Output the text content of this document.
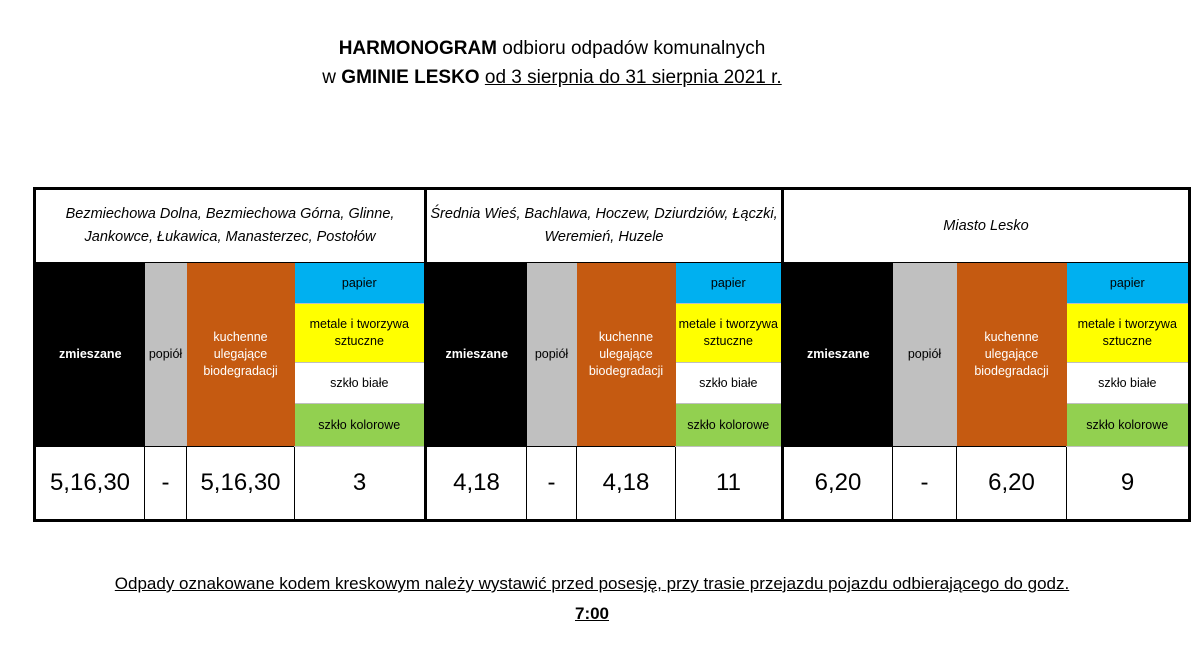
HARMONOGRAM odbioru odpadów komunalnych
w GMINIE LESKO od 3 sierpnia do 31 sierpnia 2021 r.
Bezmiechowa Dolna, Bezmiechowa Górna, Glinne, Jankowce, Łukawica, Manasterzec, Postołów				Średnia Wieś, Bachlawa, Hoczew, Dziurdziów, Łączki, Weremień, Huzele				Miasto Lesko			
zmieszane	popiół	kuchenne ulegające biodegradacji	papier	zmieszane	popiół	kuchenne ulegające biodegradacji	papier	zmieszane	popiół	kuchenne ulegające biodegradacji	papier
			metale i tworzywa sztuczne				metale i tworzywa sztuczne				metale i tworzywa sztuczne
			szkło białe				szkło białe				szkło białe
			szkło kolorowe				szkło kolorowe				szkło kolorowe
5,16,30	-	5,16,30	3	4,18	-	4,18	11	6,20	-	6,20	9
Odpady oznakowane kodem kreskowym należy wystawić przed posesję, przy trasie przejazdu pojazdu odbierającego do godz.
7:00
